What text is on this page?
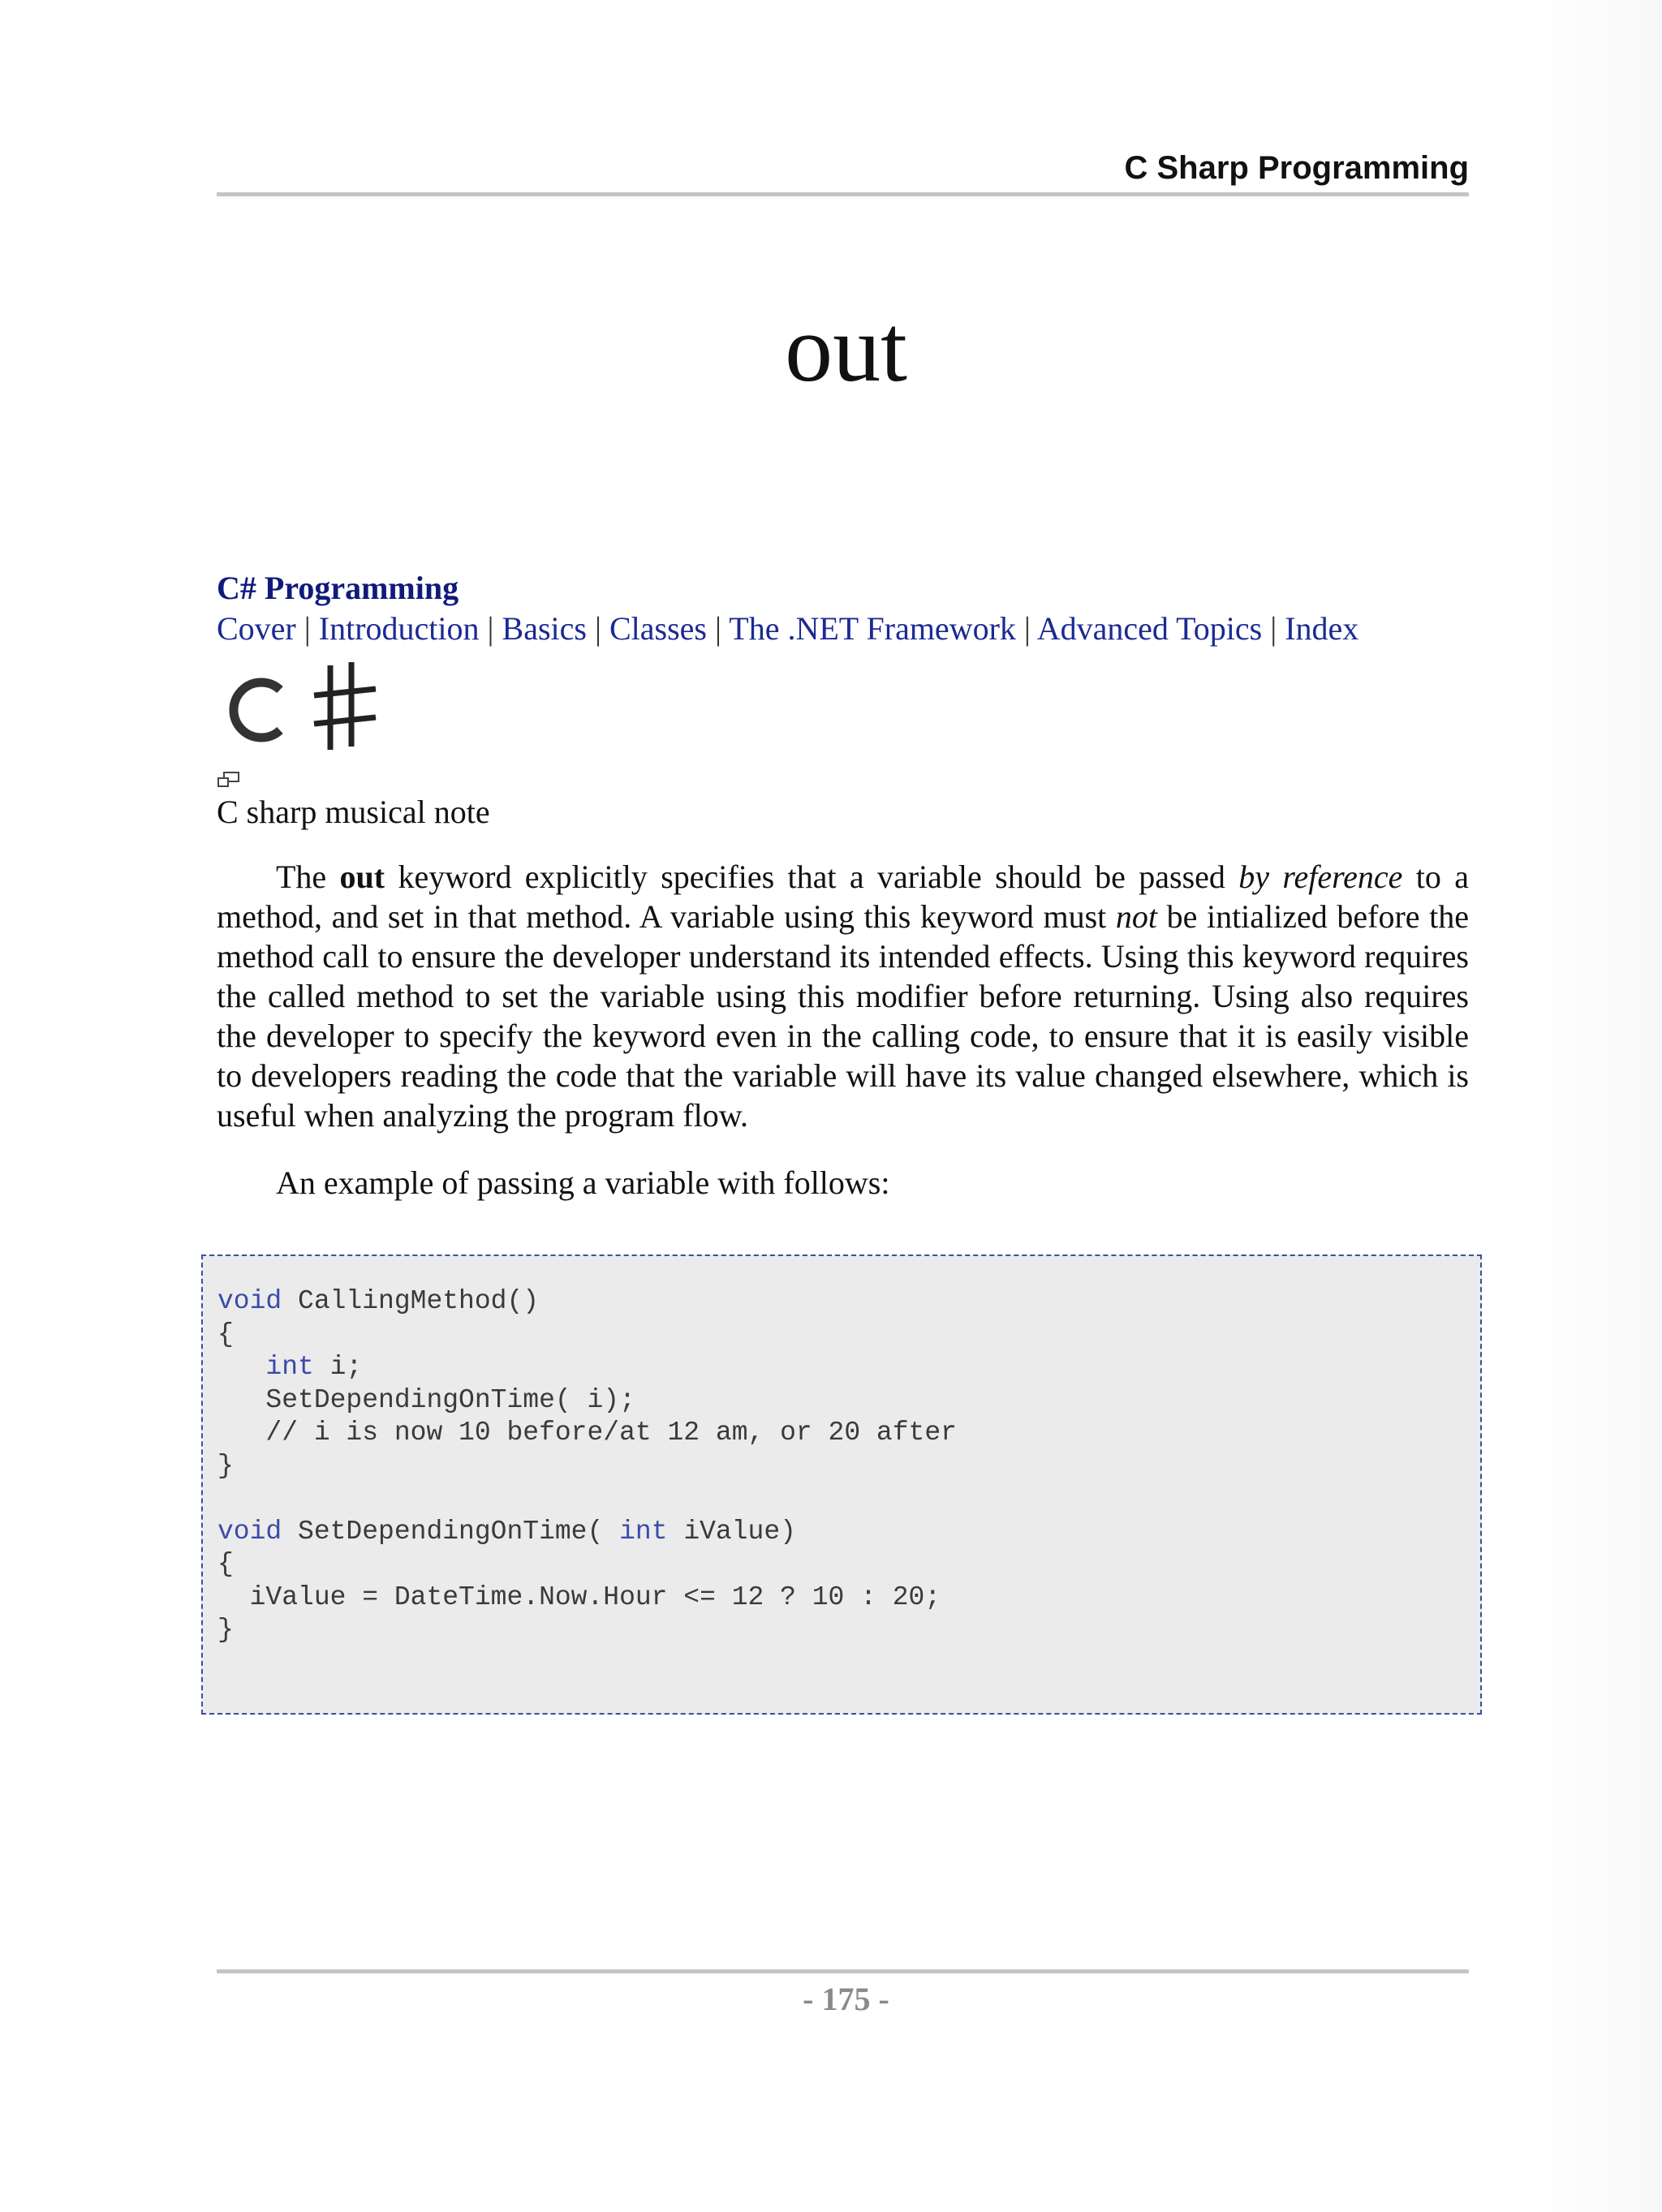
C Sharp Programming
out
C# Programming
Cover | Introduction | Basics | Classes | The .NET Framework | Advanced Topics | Index
C sharp musical note

The out keyword explicitly specifies that a variable should be passed by reference to a method, and set in that method. A variable using this keyword must not be intialized before the method call to ensure the developer understand its intended effects. Using this keyword requires the called method to set the variable using this modifier before returning. Using also requires the developer to specify the keyword even in the calling code, to ensure that it is easily visible to developers reading the code that the variable will have its value changed elsewhere, which is useful when analyzing the program flow.

An example of passing a variable with follows:

void CallingMethod()
{
int i;
SetDependingOnTime( i);
// i is now 10 before/at 12 am, or 20 after
}

void SetDependingOnTime( int iValue)
{
iValue = DateTime.Now.Hour <= 12 ? 10 : 20;
}
- 175 -
